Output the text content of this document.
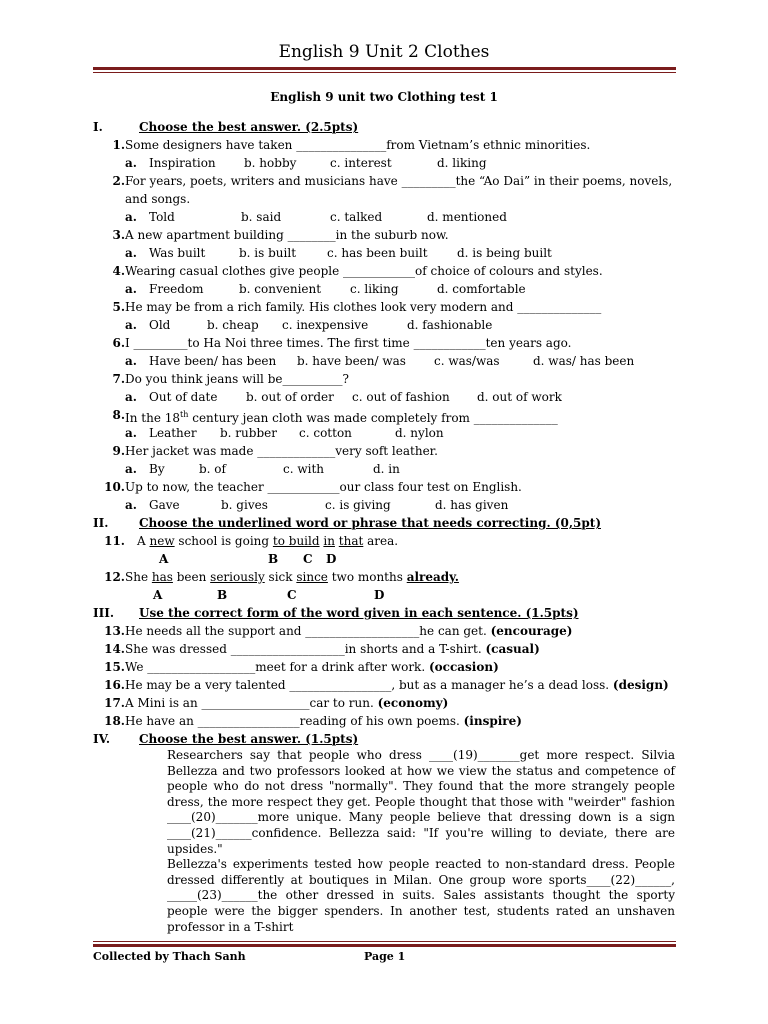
English 9 Unit 2 Clothes
English 9 unit two Clothing test 1
I.	Choose the best answer. (2.5pts)
1. Some designers have taken _______________from Vietnam’s ethnic minorities.
a. Inspiration b. hobby	c. interest	d. liking
2. For years, poets, writers and musicians have _________the “Ao Dai” in their poems, novels,
and songs.
a. Told	b. said	c. talked	d. mentioned
3. A new apartment building ________in the suburb now.
a. Was built	b. is built	c. has been built d. is being built
4. Wearing casual clothes give people ____________of choice of colours and styles.
a. Freedom	b. convenient c. liking	d. comfortable
5. He may be from a rich family. His clothes look very modern and ______________
a. Old	b. cheap c. inexpensive	d. fashionable
6. I _________to Ha Noi three times. The first time ____________ten years ago.
a. Have been/ has been b. have been/ was c. was/was	d. was/ has been
7. Do you think jeans will be__________?
a. Out of date b. out of order c. out of fashion d. out of work
8. In the 18th century jean cloth was made completely from ______________
a. Leather b. rubber c. cotton	d. nylon
9. Her jacket was made _____________very soft leather.
a. By	b. of	c. with	d. in
10. Up to now, the teacher ____________our class four test on English.
a. Gave	b. gives	c. is giving	d. has given
II.	Choose the underlined word or phrase that needs correcting. (0,5pt)
11. A new school is going to build in that area.
A	B C D
12. She has been seriously sick since two months already.
A	B	C	D
III. Use the correct form of the word given in each sentence. (1.5pts)
13. He needs all the support and ___________________he can get. (encourage)
14. She was dressed ___________________in shorts and a T-shirt. (casual)
15. We __________________meet for a drink after work. (occasion)
16. He may be a very talented _________________, but as a manager he’s a dead loss. (design)
17. A Mini is an __________________car to run. (economy)
18. He have an _________________reading of his own poems. (inspire)
IV. Choose the best answer. (1.5pts)

Researchers say that people who dress ____(19)_______get more respect. Silvia Bellezza and two professors looked at how we view the status and competence of people who do not dress "normally". They found that the more strangely people dress, the more respect they get. People thought that those with "weirder" fashion ____(20)_______more unique. Many people believe that dressing down is a sign ____(21)______confidence. Bellezza said: "If you're willing to deviate, there are upsides."

Bellezza's experiments tested how people reacted to non-standard dress. People dressed differently at boutiques in Milan. One group wore sports____(22)______, _____(23)______the other dressed in suits. Sales assistants thought the sporty people were the bigger spenders. In another test, students rated an unshaven professor in a T-shirt

Collected by Thach Sanh	Page 1
